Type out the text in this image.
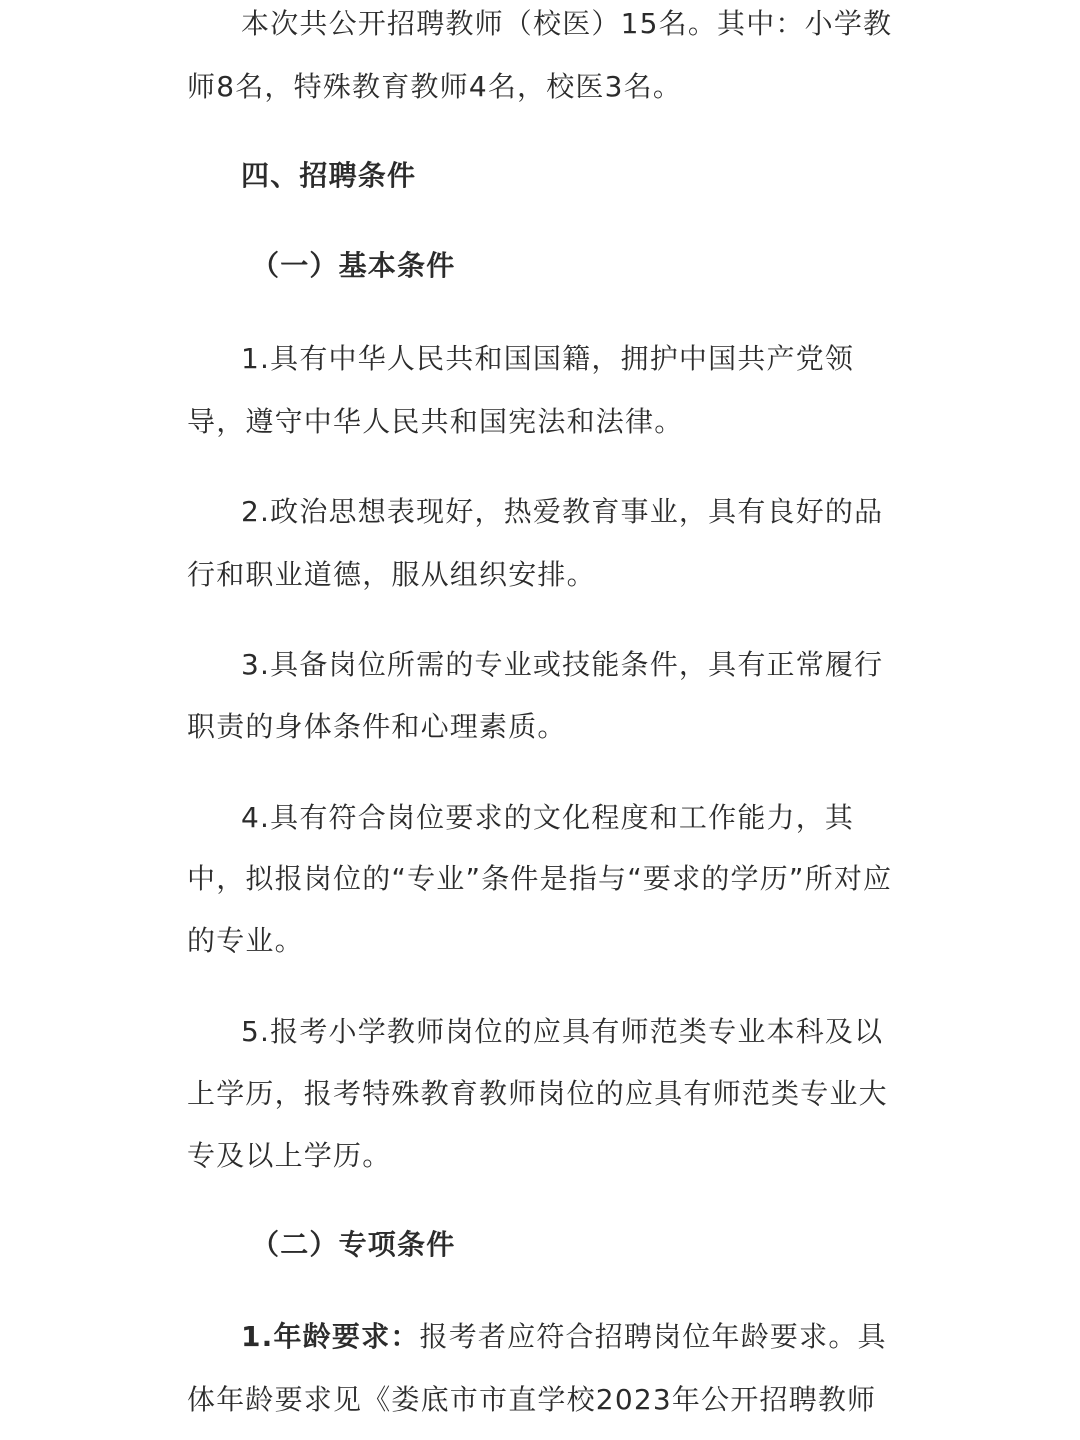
本次共公开招聘教师（校医）15名。其中：小学教
师8名，特殊教育教师4名，校医3名。
四、招聘条件
（一）基本条件
1.具有中华人民共和国国籍，拥护中国共产党领
导，遵守中华人民共和国宪法和法律。
2.政治思想表现好，热爱教育事业，具有良好的品
行和职业道德，服从组织安排。
3.具备岗位所需的专业或技能条件，具有正常履行
职责的身体条件和心理素质。
4.具有符合岗位要求的文化程度和工作能力，其
中，拟报岗位的“专业”条件是指与“要求的学历”所对应
的专业。
5.报考小学教师岗位的应具有师范类专业本科及以
上学历，报考特殊教育教师岗位的应具有师范类专业大
专及以上学历。
（二）专项条件
1.年龄要求：报考者应符合招聘岗位年龄要求。具
体年龄要求见《娄底市市直学校2023年公开招聘教师
